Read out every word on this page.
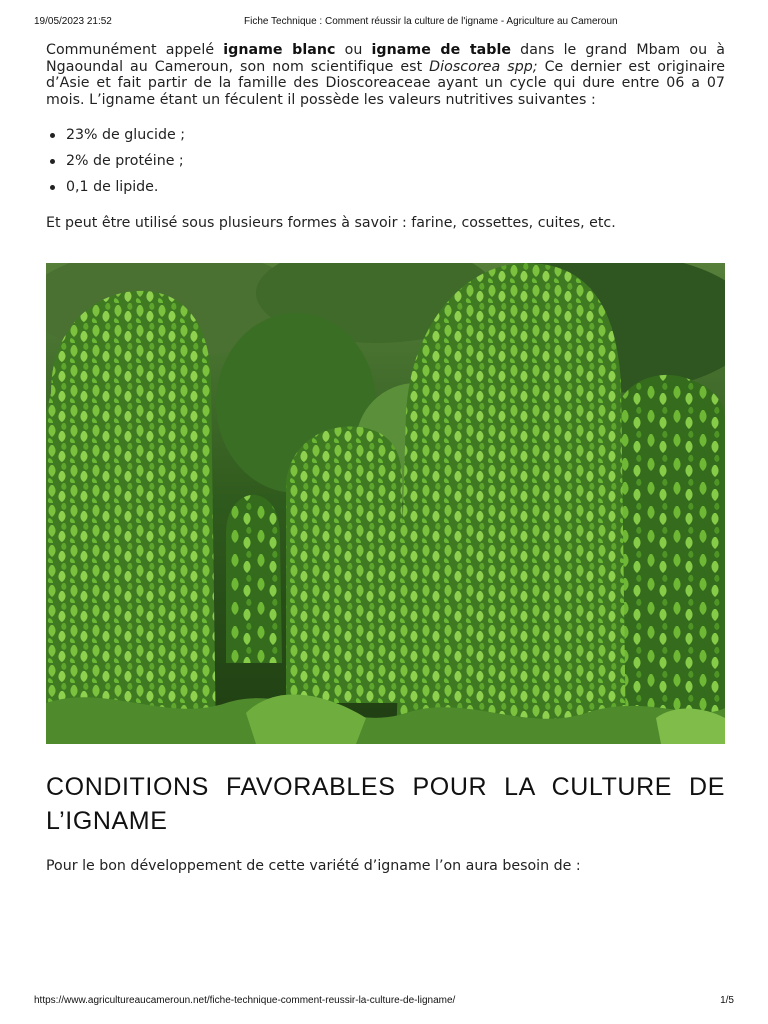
19/05/2023 21:52	Fiche Technique : Comment réussir la culture de l'igname - Agriculture au Cameroun

Communément appelé igname blanc ou igname de table dans le grand Mbam ou à Ngaoundal au Cameroun, son nom scientifique est Dioscorea spp; Ce dernier est originaire d’Asie et fait partir de la famille des Dioscoreaceae ayant un cycle qui dure entre 06 a 07 mois. L’igname étant un féculent il possède les valeurs nutritives suivantes :

23% de glucide ;
2% de protéine ;
0,1 de lipide.

Et peut être utilisé sous plusieurs formes à savoir : farine, cossettes, cuites, etc.

CONDITIONS FAVORABLES POUR LA CULTURE DE L’IGNAME

Pour le bon développement de cette variété d’igname l’on aura besoin de :

https://www.agricultureaucameroun.net/fiche-technique-comment-reussir-la-culture-de-ligname/	1/5
